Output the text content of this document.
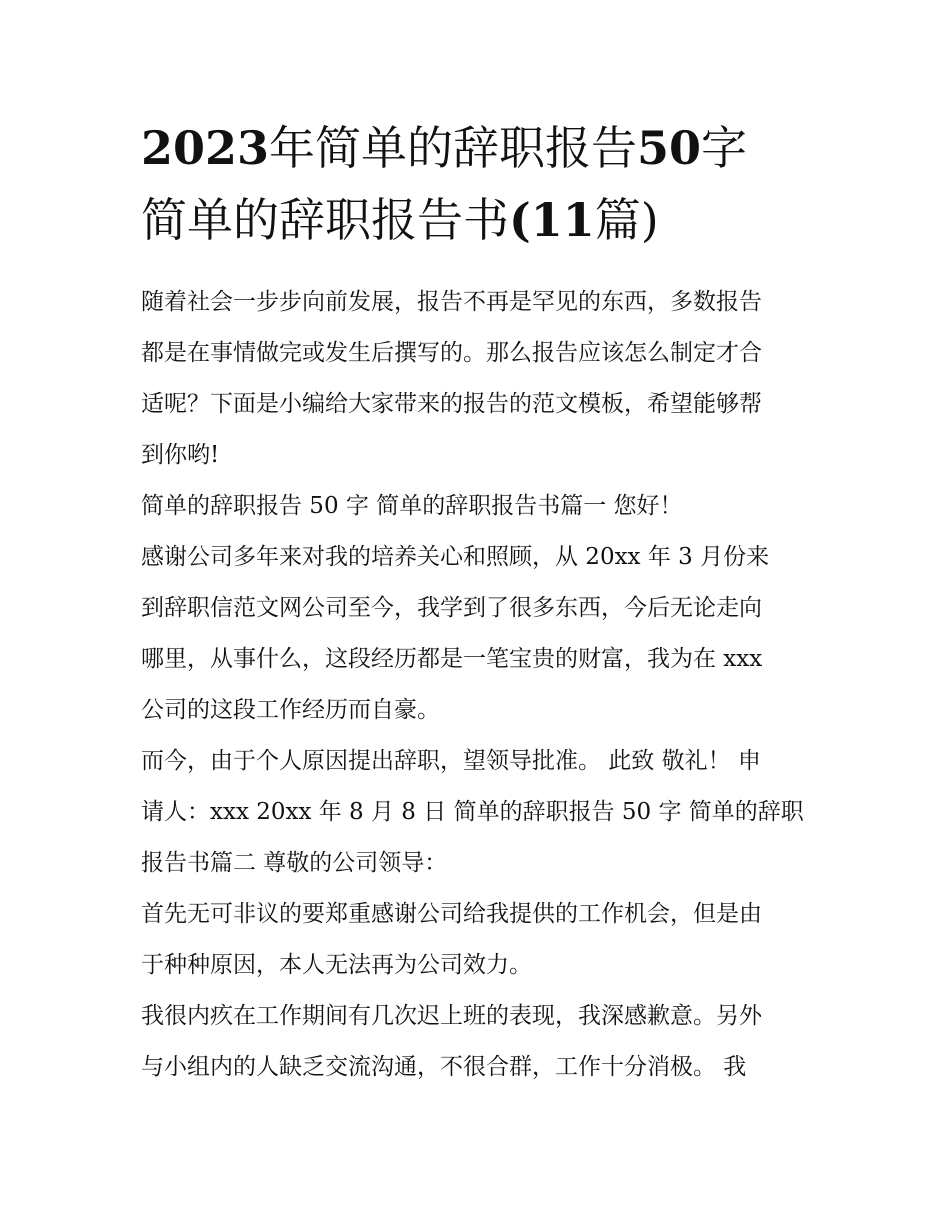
2023年简单的辞职报告50字
简单的辞职报告书(11篇)
随着社会一步步向前发展，报告不再是罕见的东西，多数报告
都是在事情做完或发生后撰写的。那么报告应该怎么制定才合
适呢？下面是小编给大家带来的报告的范文模板，希望能够帮
到你哟!
简单的辞职报告 50 字 简单的辞职报告书篇一 您好！
感谢公司多年来对我的培养关心和照顾，从 20xx 年 3 月份来
到辞职信范文网公司至今，我学到了很多东西，今后无论走向
哪里，从事什么，这段经历都是一笔宝贵的财富，我为在 xxx
公司的这段工作经历而自豪。
而今，由于个人原因提出辞职，望领导批准。 此致 敬礼！ 申
请人：xxx 20xx 年 8 月 8 日 简单的辞职报告 50 字 简单的辞职
报告书篇二 尊敬的公司领导：
首先无可非议的要郑重感谢公司给我提供的工作机会，但是由
于种种原因，本人无法再为公司效力。
我很内疚在工作期间有几次迟上班的表现，我深感歉意。另外
与小组内的人缺乏交流沟通，不很合群，工作十分消极。 我
